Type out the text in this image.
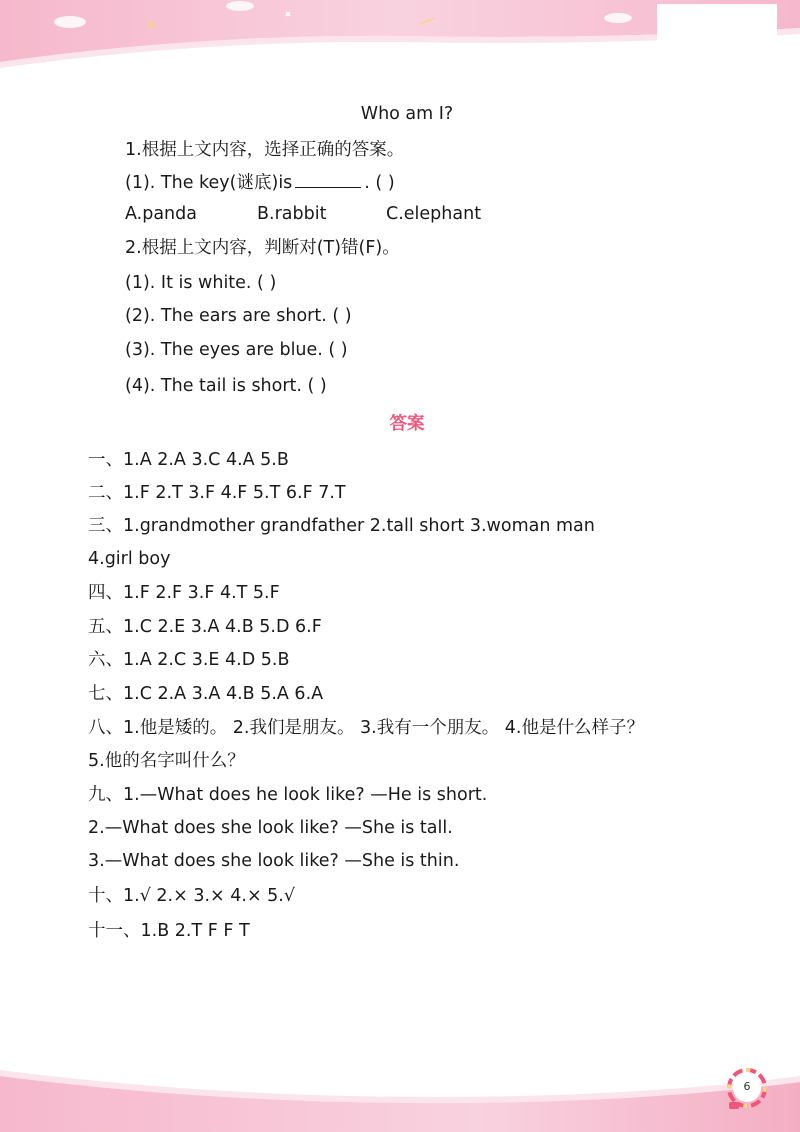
Who am I?
1.根据上文内容，选择正确的答案。
(1). The key(谜底)is	. ( )
A.panda	B.rabbit	C.elephant
2.根据上文内容，判断对(T)错(F)。
(1). It is white. ( )
(2). The ears are short. ( )
(3). The eyes are blue. ( )
(4). The tail is short. ( )
答案
一、1.A 2.A 3.C 4.A 5.B
二、1.F 2.T 3.F 4.F 5.T 6.F 7.T
三、1.grandmother grandfather 2.tall short 3.woman man
4.girl boy
四、1.F 2.F 3.F 4.T 5.F
五、1.C 2.E 3.A 4.B 5.D 6.F
六、1.A 2.C 3.E 4.D 5.B
七、1.C 2.A 3.A 4.B 5.A 6.A
八、1.他是矮的。 2.我们是朋友。 3.我有一个朋友。 4.他是什么样子？
5.他的名字叫什么？
九、1.—What does he look like? —He is short.
2.—What does she look like? —She is tall.
3.—What does she look like? —She is thin.
十、1.√ 2.× 3.× 4.× 5.√
十一、1.B 2.T F F T
6
